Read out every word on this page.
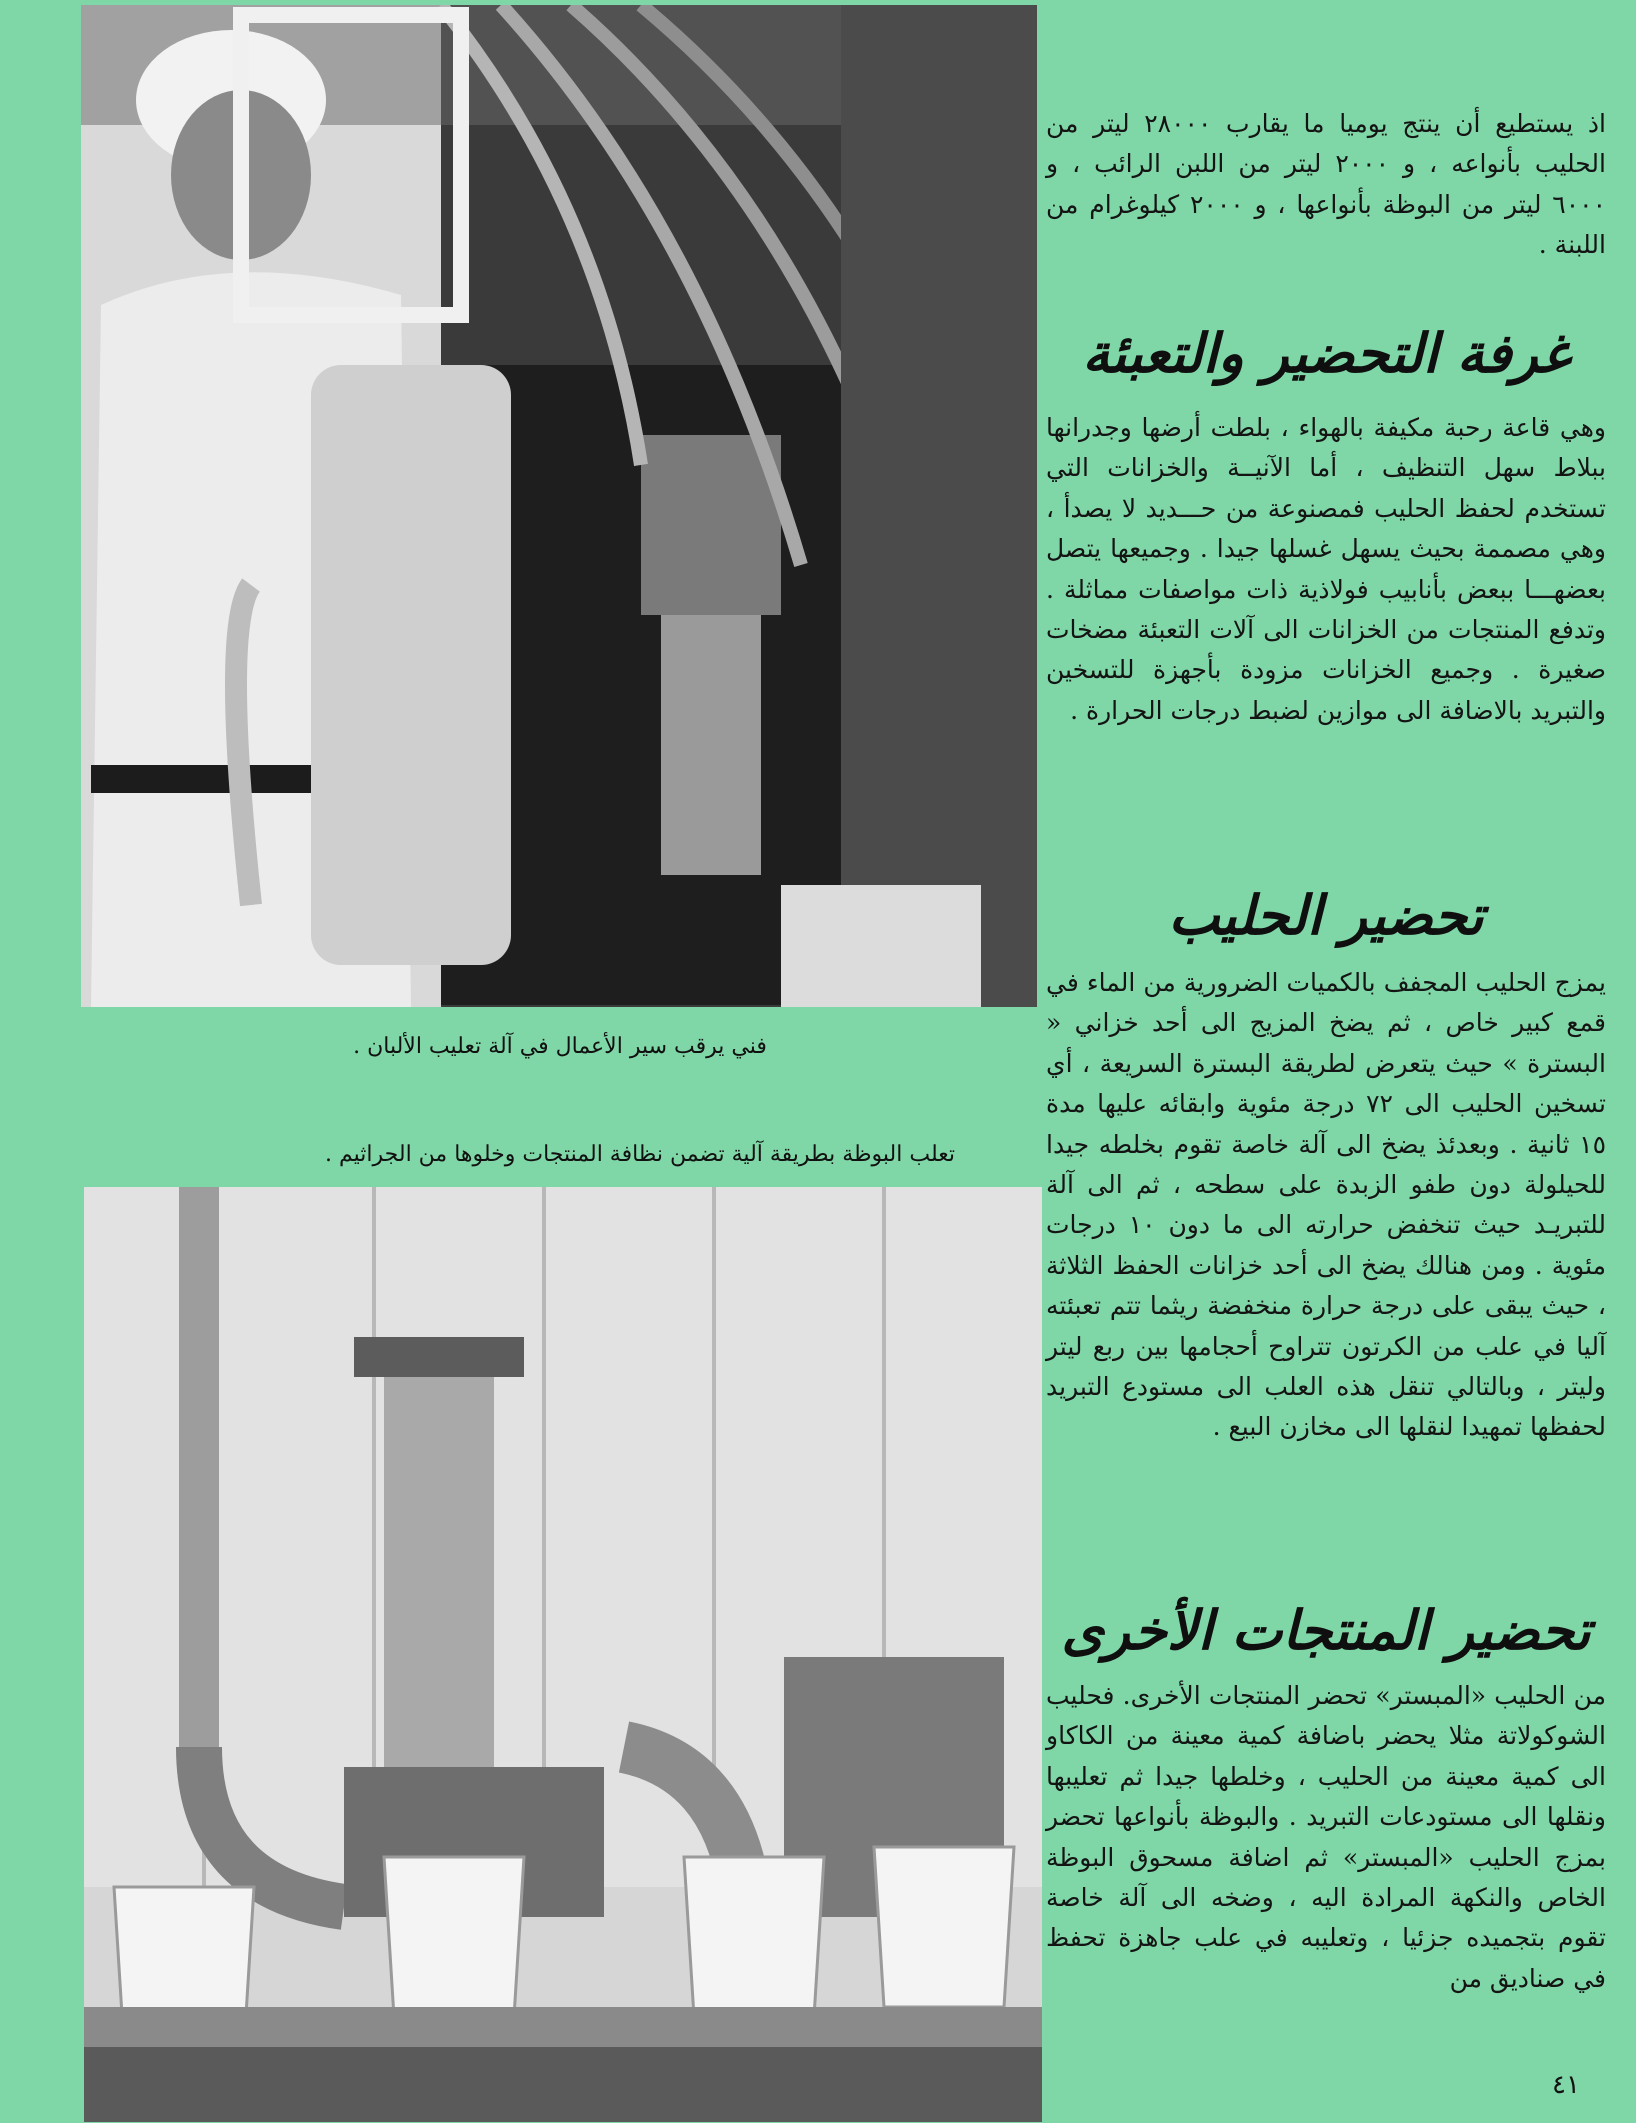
فني يرقب سير الأعمال في آلة تعليب الألبان .
تعلب البوظة بطريقة آلية تضمن نظافة المنتجات وخلوها من الجراثيم .

اذ يستطيع أن ينتج يوميا ما يقارب ٢٨٠٠٠ ليتر من الحليب بأنواعه ، و ٢٠٠٠ ليتر من اللبن الرائب ، و ٦٠٠٠ ليتر من البوظة بأنواعها ، و ٢٠٠٠ كيلوغرام من اللبنة .

غرفة التحضير والتعبئة

وهي قاعة رحبة مكيفة بالهواء ، بلطت أرضها وجدرانها ببلاط سهل التنظيف ، أما الآنيــة والخزانات التي تستخدم لحفظ الحليب فمصنوعة من حـــديد لا يصدأ ، وهي مصممة بحيث يسهل غسلها جيدا . وجميعها يتصل بعضهـــا ببعض بأنابيب فولاذية ذات مواصفات مماثلة . وتدفع المنتجات من الخزانات الى آلات التعبئة مضخات صغيرة . وجميع الخزانات مزودة بأجهزة للتسخين والتبريد بالاضافة الى موازين لضبط درجات الحرارة .

تحضير الحليب

يمزج الحليب المجفف بالكميات الضرورية من الماء في قمع كبير خاص ، ثم يضخ المزيج الى أحد خزاني « البسترة » حيث يتعرض لطريقة البسترة السريعة ، أي تسخين الحليب الى ٧٢ درجة مئوية وابقائه عليها مدة ١٥ ثانية . وبعدئذ يضخ الى آلة خاصة تقوم بخلطه جيدا للحيلولة دون طفو الزبدة على سطحه ، ثم الى آلة للتبريـد حيث تنخفض حرارته الى ما دون ١٠ درجات مئوية . ومن هنالك يضخ الى أحد خزانات الحفظ الثلاثة ، حيث يبقى على درجة حرارة منخفضة ريثما تتم تعبئته آليا في علب من الكرتون تتراوح أحجامها بين ربع ليتر وليتر ، وبالتالي تنقل هذه العلب الى مستودع التبريد لحفظها تمهيدا لنقلها الى مخازن البيع .

تحضير المنتجات الأخرى

من الحليب «المبستر» تحضر المنتجات الأخرى. فحليب الشوكولاتة مثلا يحضر باضافة كمية معينة من الكاكاو الى كمية معينة من الحليب ، وخلطها جيدا ثم تعليبها ونقلها الى مستودعات التبريد . والبوظة بأنواعها تحضر بمزج الحليب «المبستر» ثم اضافة مسحوق البوظة الخاص والنكهة المرادة اليه ، وضخه الى آلة خاصة تقوم بتجميده جزئيا ، وتعليبه في علب جاهزة تحفظ في صناديق من

٤١
